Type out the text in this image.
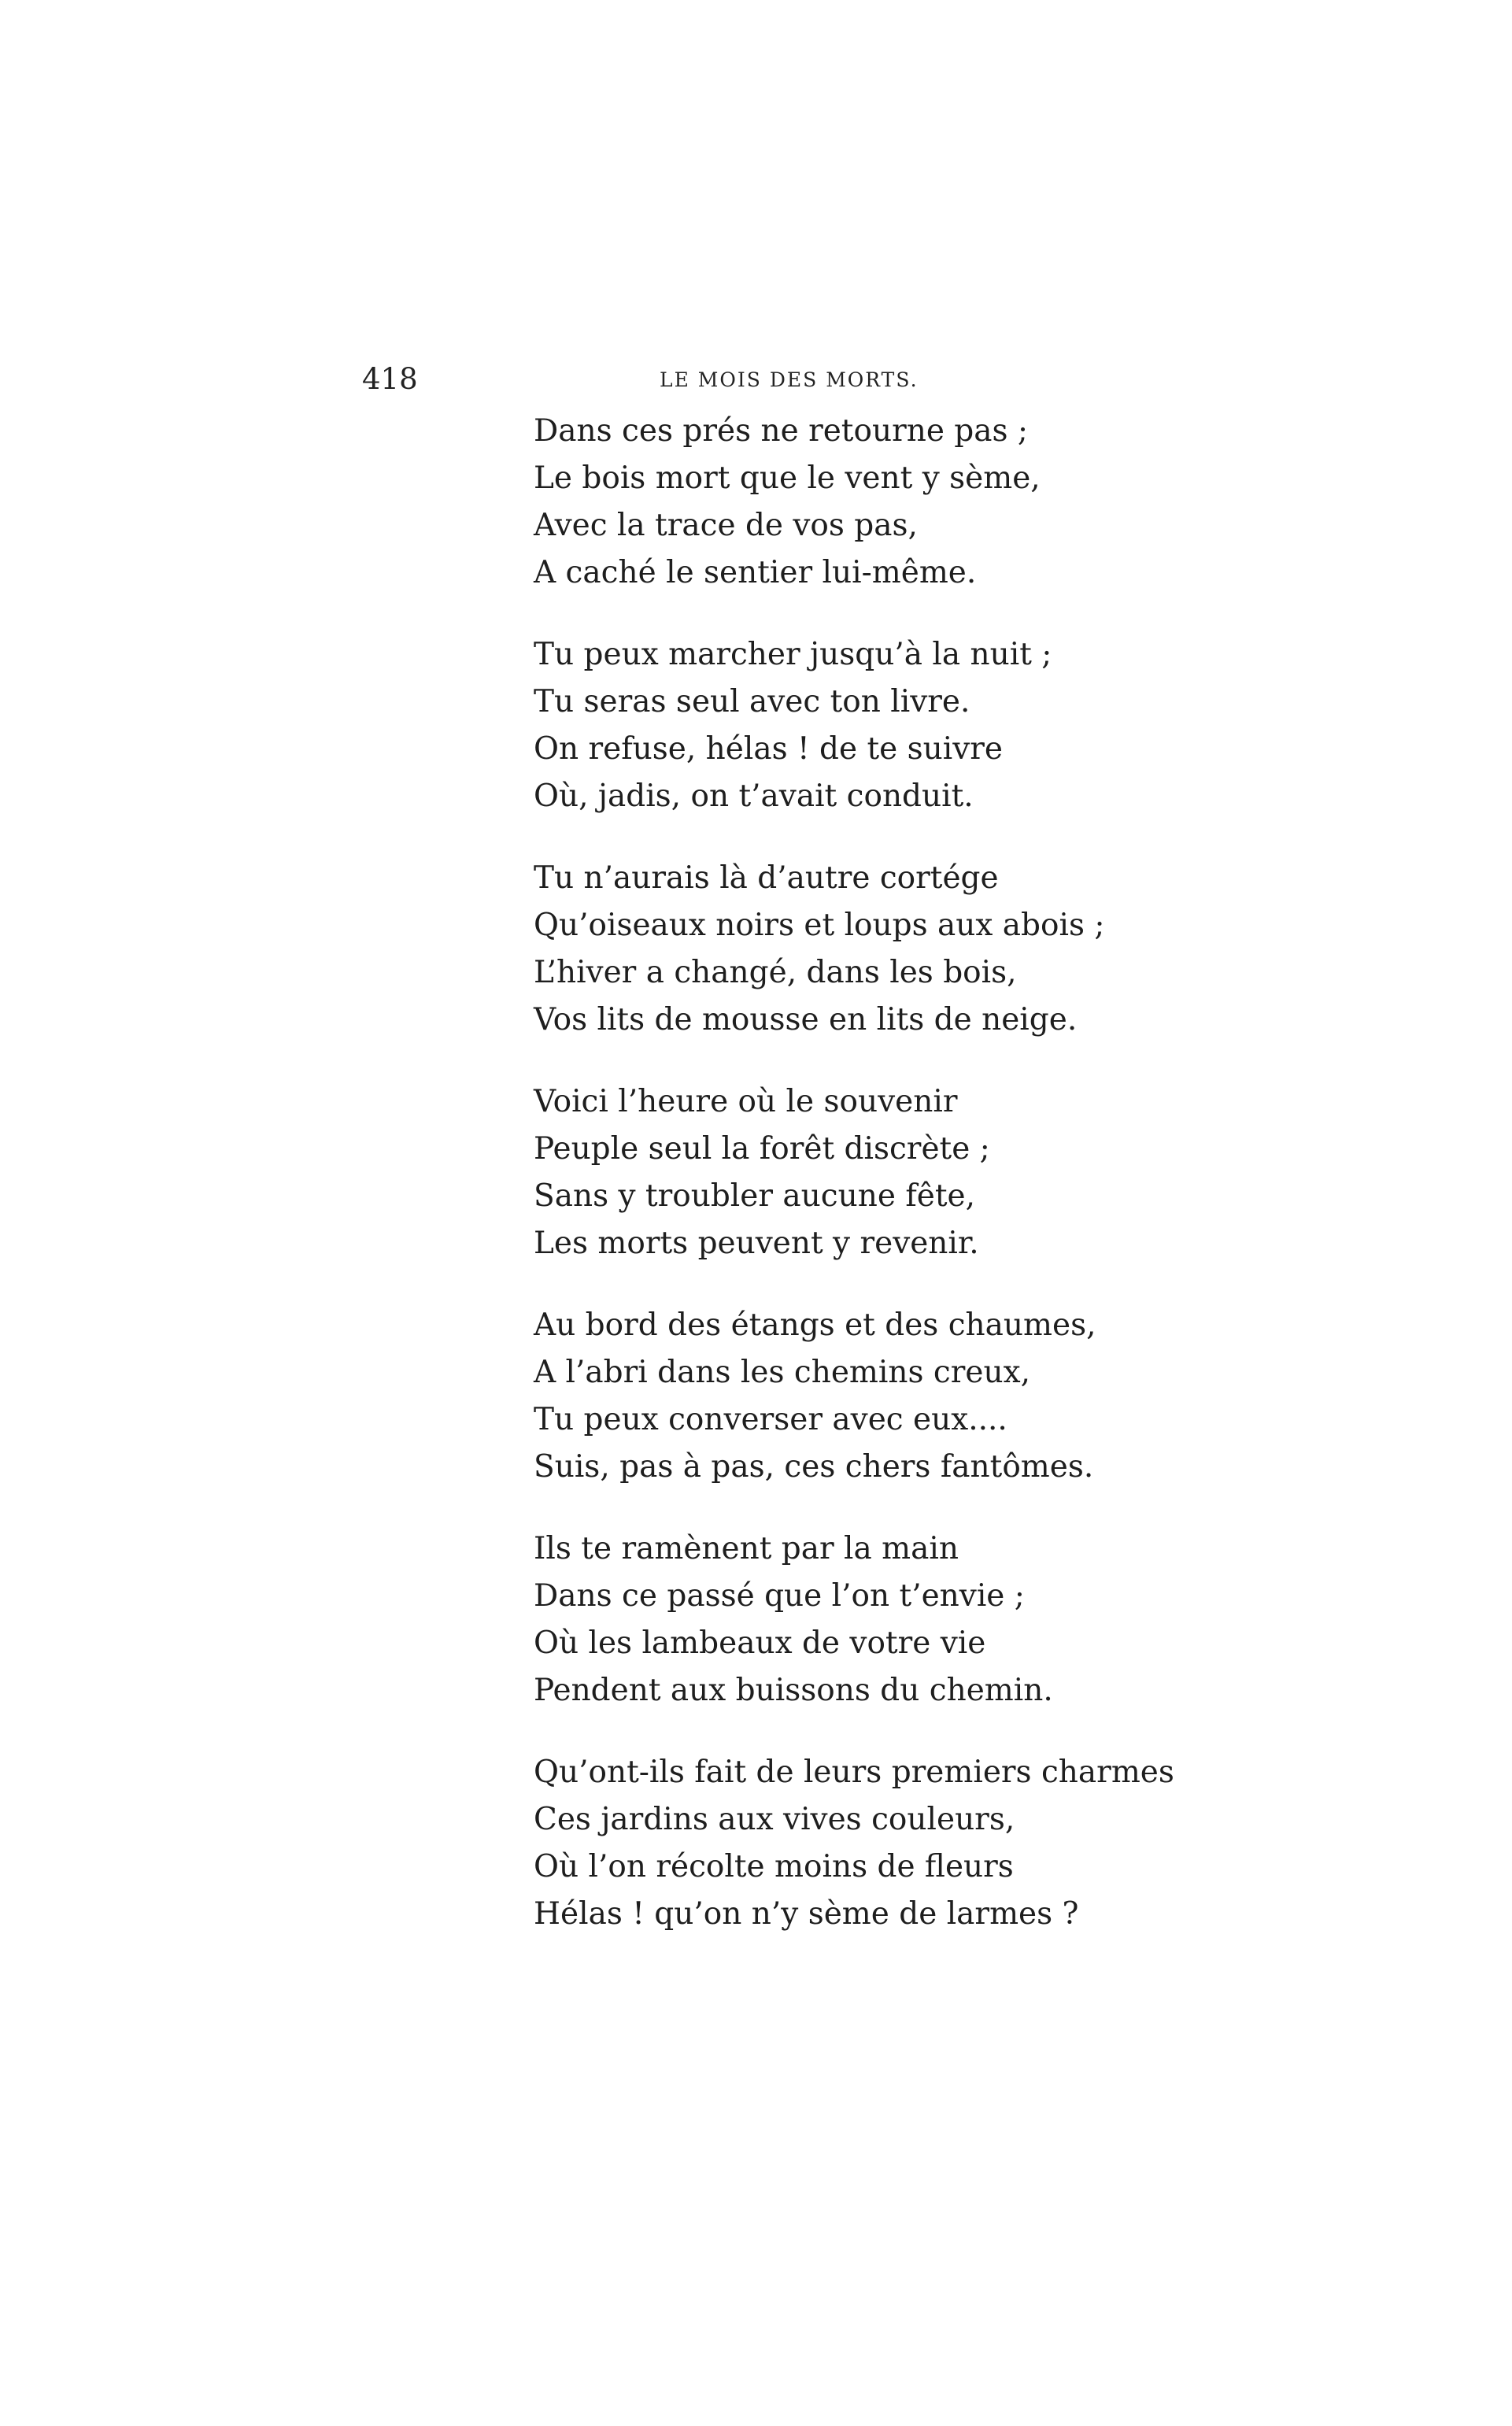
418	LE MOIS DES MORTS.
Dans ces prés ne retourne pas ;
Le bois mort que le vent y sème,
Avec la trace de vos pas,
A caché le sentier lui-même.
Tu peux marcher jusqu’à la nuit ;
Tu seras seul avec ton livre.
On refuse, hélas ! de te suivre
Où, jadis, on t’avait conduit.
Tu n’aurais là d’autre cortége
Qu’oiseaux noirs et loups aux abois ;
L’hiver a changé, dans les bois,
Vos lits de mousse en lits de neige.
Voici l’heure où le souvenir
Peuple seul la forêt discrète ;
Sans y troubler aucune fête,
Les morts peuvent y revenir.
Au bord des étangs et des chaumes,
A l’abri dans les chemins creux,
Tu peux converser avec eux....
Suis, pas à pas, ces chers fantômes.
Ils te ramènent par la main
Dans ce passé que l’on t’envie ;
Où les lambeaux de votre vie
Pendent aux buissons du chemin.
Qu’ont-ils fait de leurs premiers charmes
Ces jardins aux vives couleurs,
Où l’on récolte moins de fleurs
Hélas ! qu’on n’y sème de larmes ?
